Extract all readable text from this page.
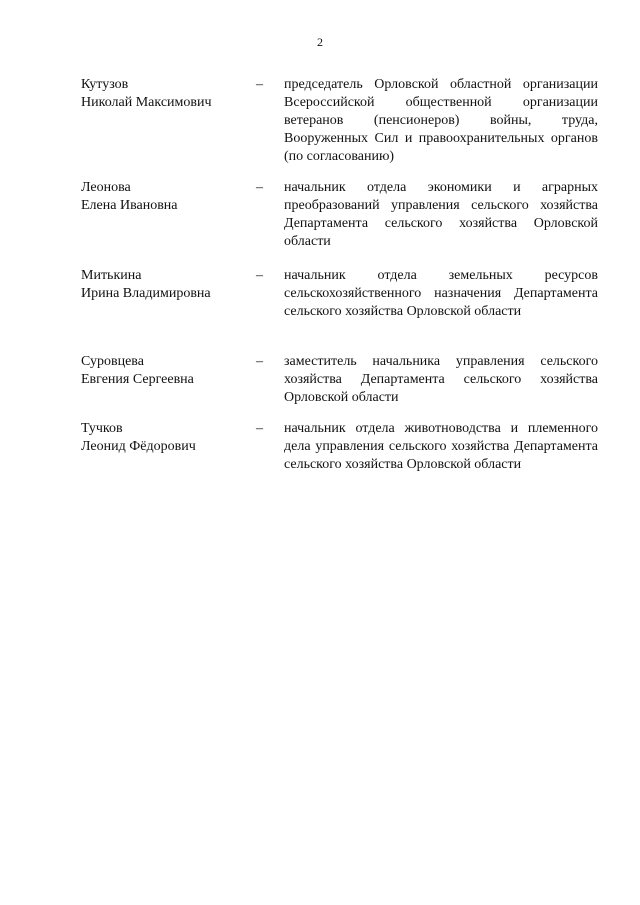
2
Кутузов
Николай Максимович
– председатель Орловской областной организации Всероссийской общественной организации ветеранов (пенсионеров) войны, труда, Вооруженных Сил и правоохранительных органов (по согласованию)
Леонова
Елена Ивановна
– начальник отдела экономики и аграрных преобразований управления сельского хозяйства Департамента сельского хозяйства Орловской области
Митькина
Ирина Владимировна
– начальник отдела земельных ресурсов сельскохозяйственного назначения Департамента сельского хозяйства Орловской области
Суровцева
Евгения Сергеевна
– заместитель начальника управления сельского хозяйства Департамента сельского хозяйства Орловской области
Тучков
Леонид Фёдорович
– начальник отдела животноводства и племенного дела управления сельского хозяйства Департамента сельского хозяйства Орловской области
